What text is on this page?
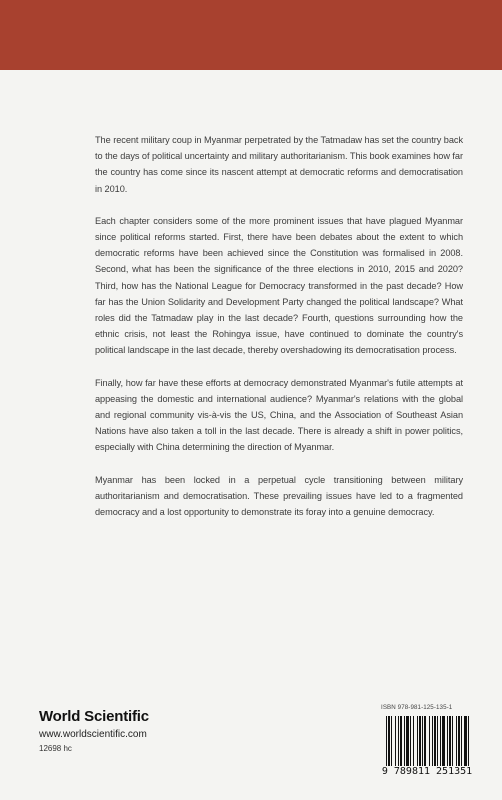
The recent military coup in Myanmar perpetrated by the Tatmadaw has set the country back to the days of political uncertainty and military authoritarianism. This book examines how far the country has come since its nascent attempt at democratic reforms and democratisation in 2010.

Each chapter considers some of the more prominent issues that have plagued Myanmar since political reforms started. First, there have been debates about the extent to which democratic reforms have been achieved since the Constitution was formalised in 2008. Second, what has been the significance of the three elections in 2010, 2015 and 2020? Third, how has the National League for Democracy transformed in the past decade? How far has the Union Solidarity and Development Party changed the political landscape? What roles did the Tatmadaw play in the last decade? Fourth, questions surrounding how the ethnic crisis, not least the Rohingya issue, have continued to dominate the country's political landscape in the last decade, thereby overshadowing its democratisation process.

Finally, how far have these efforts at democracy demonstrated Myanmar's futile attempts at appeasing the domestic and international audience? Myanmar's relations with the global and regional community vis-à-vis the US, China, and the Association of Southeast Asian Nations have also taken a toll in the last decade. There is already a shift in power politics, especially with China determining the direction of Myanmar.

Myanmar has been locked in a perpetual cycle transitioning between military authoritarianism and democratisation. These prevailing issues have led to a fragmented democracy and a lost opportunity to demonstrate its foray into a genuine democracy.

World Scientific
www.worldscientific.com
12698 hc
ISBN 978-981-125-135-1
9 789811 251351
